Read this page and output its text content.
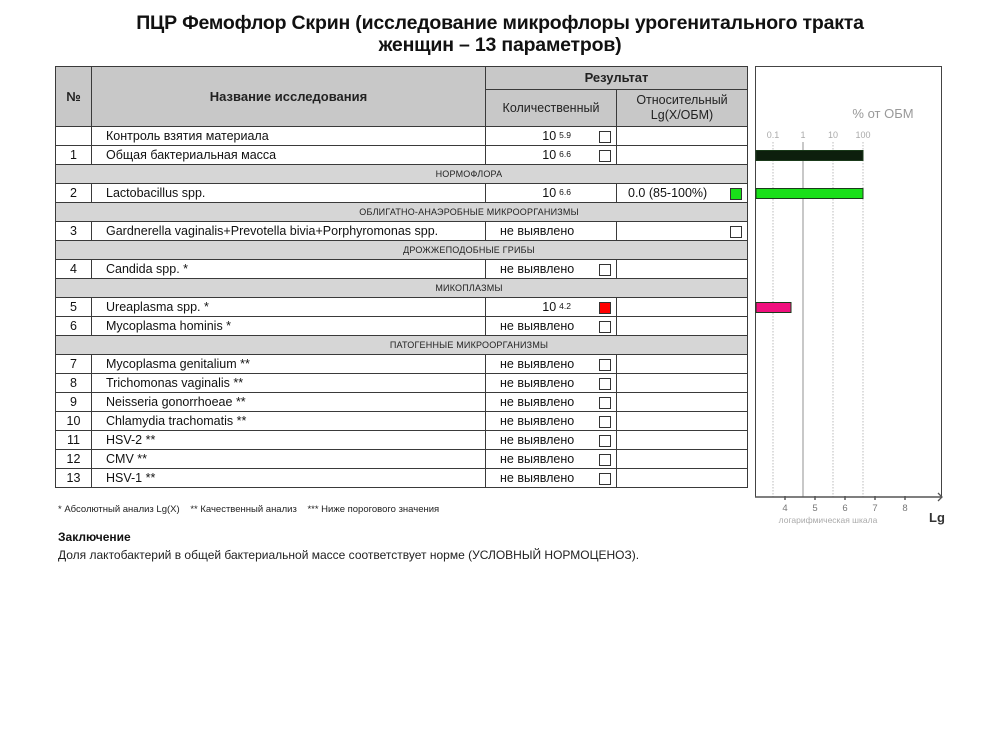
ПЦР Фемофлор Скрин (исследование микрофлоры урогенитального тракта
женщин – 13 параметров)
№	Название исследования	Результат	
		Количественный	Относительный
Lg(X/ОБМ)

	Контроль взятия материала	10 $^{5.9}$

1	Общая бактериальная масса	10 $^{6.6}$

НОРМОФЛОРА			
2	Lactobacillus spp.	10 $^{6.6}$	0.0 (85-100%)

ОБЛИГАТНО-АНАЭРОБНЫЕ МИКРООРГАНИЗМЫ			
3	Gardnerella vaginalis+Prevotella bivia+Porphyromonas spp.	не выявлено	

ДРОЖЖЕПОДОБНЫЕ ГРИБЫ			
4	Candida spp. *	не выявлено	

МИКОПЛАЗМЫ			
5	Ureaplasma spp. *	10 $^{4.2}$

6	Mycoplasma hominis *	не выявлено	

ПАТОГЕННЫЕ МИКРООРГАНИЗМЫ			
7	Mycoplasma genitalium **	не выявлено	

8	Trichomonas vaginalis **	не выявлено	

9	Neisseria gonorrhoeae **	не выявлено	

10	Chlamydia trachomatis **	не выявлено	

11	HSV-2 **	не выявлено	

12	CMV **	не выявлено	

13	HSV-1 **	не выявлено	

% от ОБМ
0.1 1 10 100
4	5	6	7	8
логарифмическая шкала	Lg
* Абсолютный анализ Lg(X) ** Качественный анализ *** Ниже порогового значения
Заключение
Доля лактобактерий в общей бактериальной массе соответствует норме (УСЛОВНЫЙ НОРМОЦЕНОЗ).
